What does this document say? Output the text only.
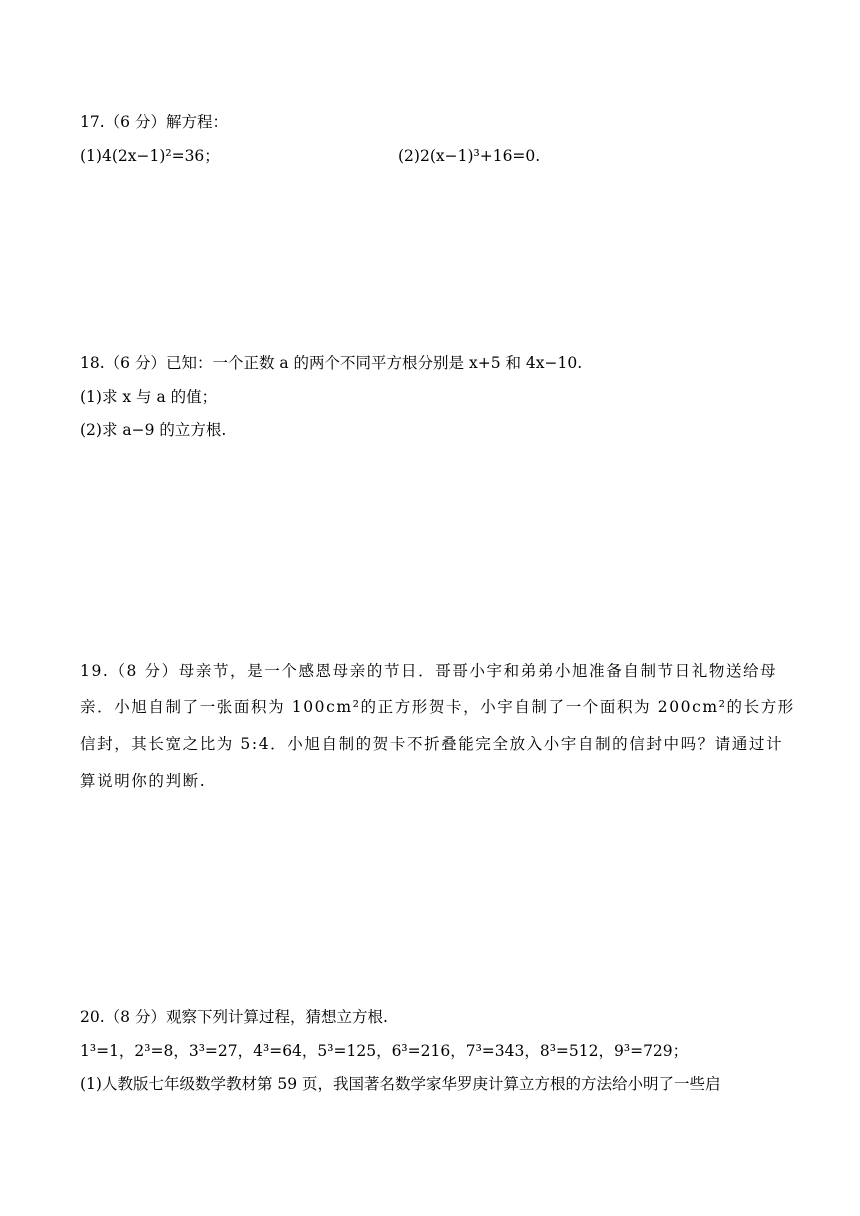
17.（6 分）解方程：
(1)4(2x−1)²=36；	(2)2(x−1)³+16=0.
18.（6 分）已知：一个正数 a 的两个不同平方根分别是 x+5 和 4x−10.
(1)求 x 与 a 的值；
(2)求 a−9 的立方根.
19.（8 分）母亲节，是一个感恩母亲的节日．哥哥小宇和弟弟小旭准备自制节日礼物送给母
亲．小旭自制了一张面积为 100cm²的正方形贺卡，小宇自制了一个面积为 200cm²的长方形
信封，其长宽之比为 5:4．小旭自制的贺卡不折叠能完全放入小宇自制的信封中吗？请通过计
算说明你的判断.
20.（8 分）观察下列计算过程，猜想立方根.
1³=1，2³=8，3³=27，4³=64，5³=125，6³=216，7³=343，8³=512，9³=729；
(1)人教版七年级数学教材第 59 页，我国著名数学家华罗庚计算立方根的方法给小明了一些启
